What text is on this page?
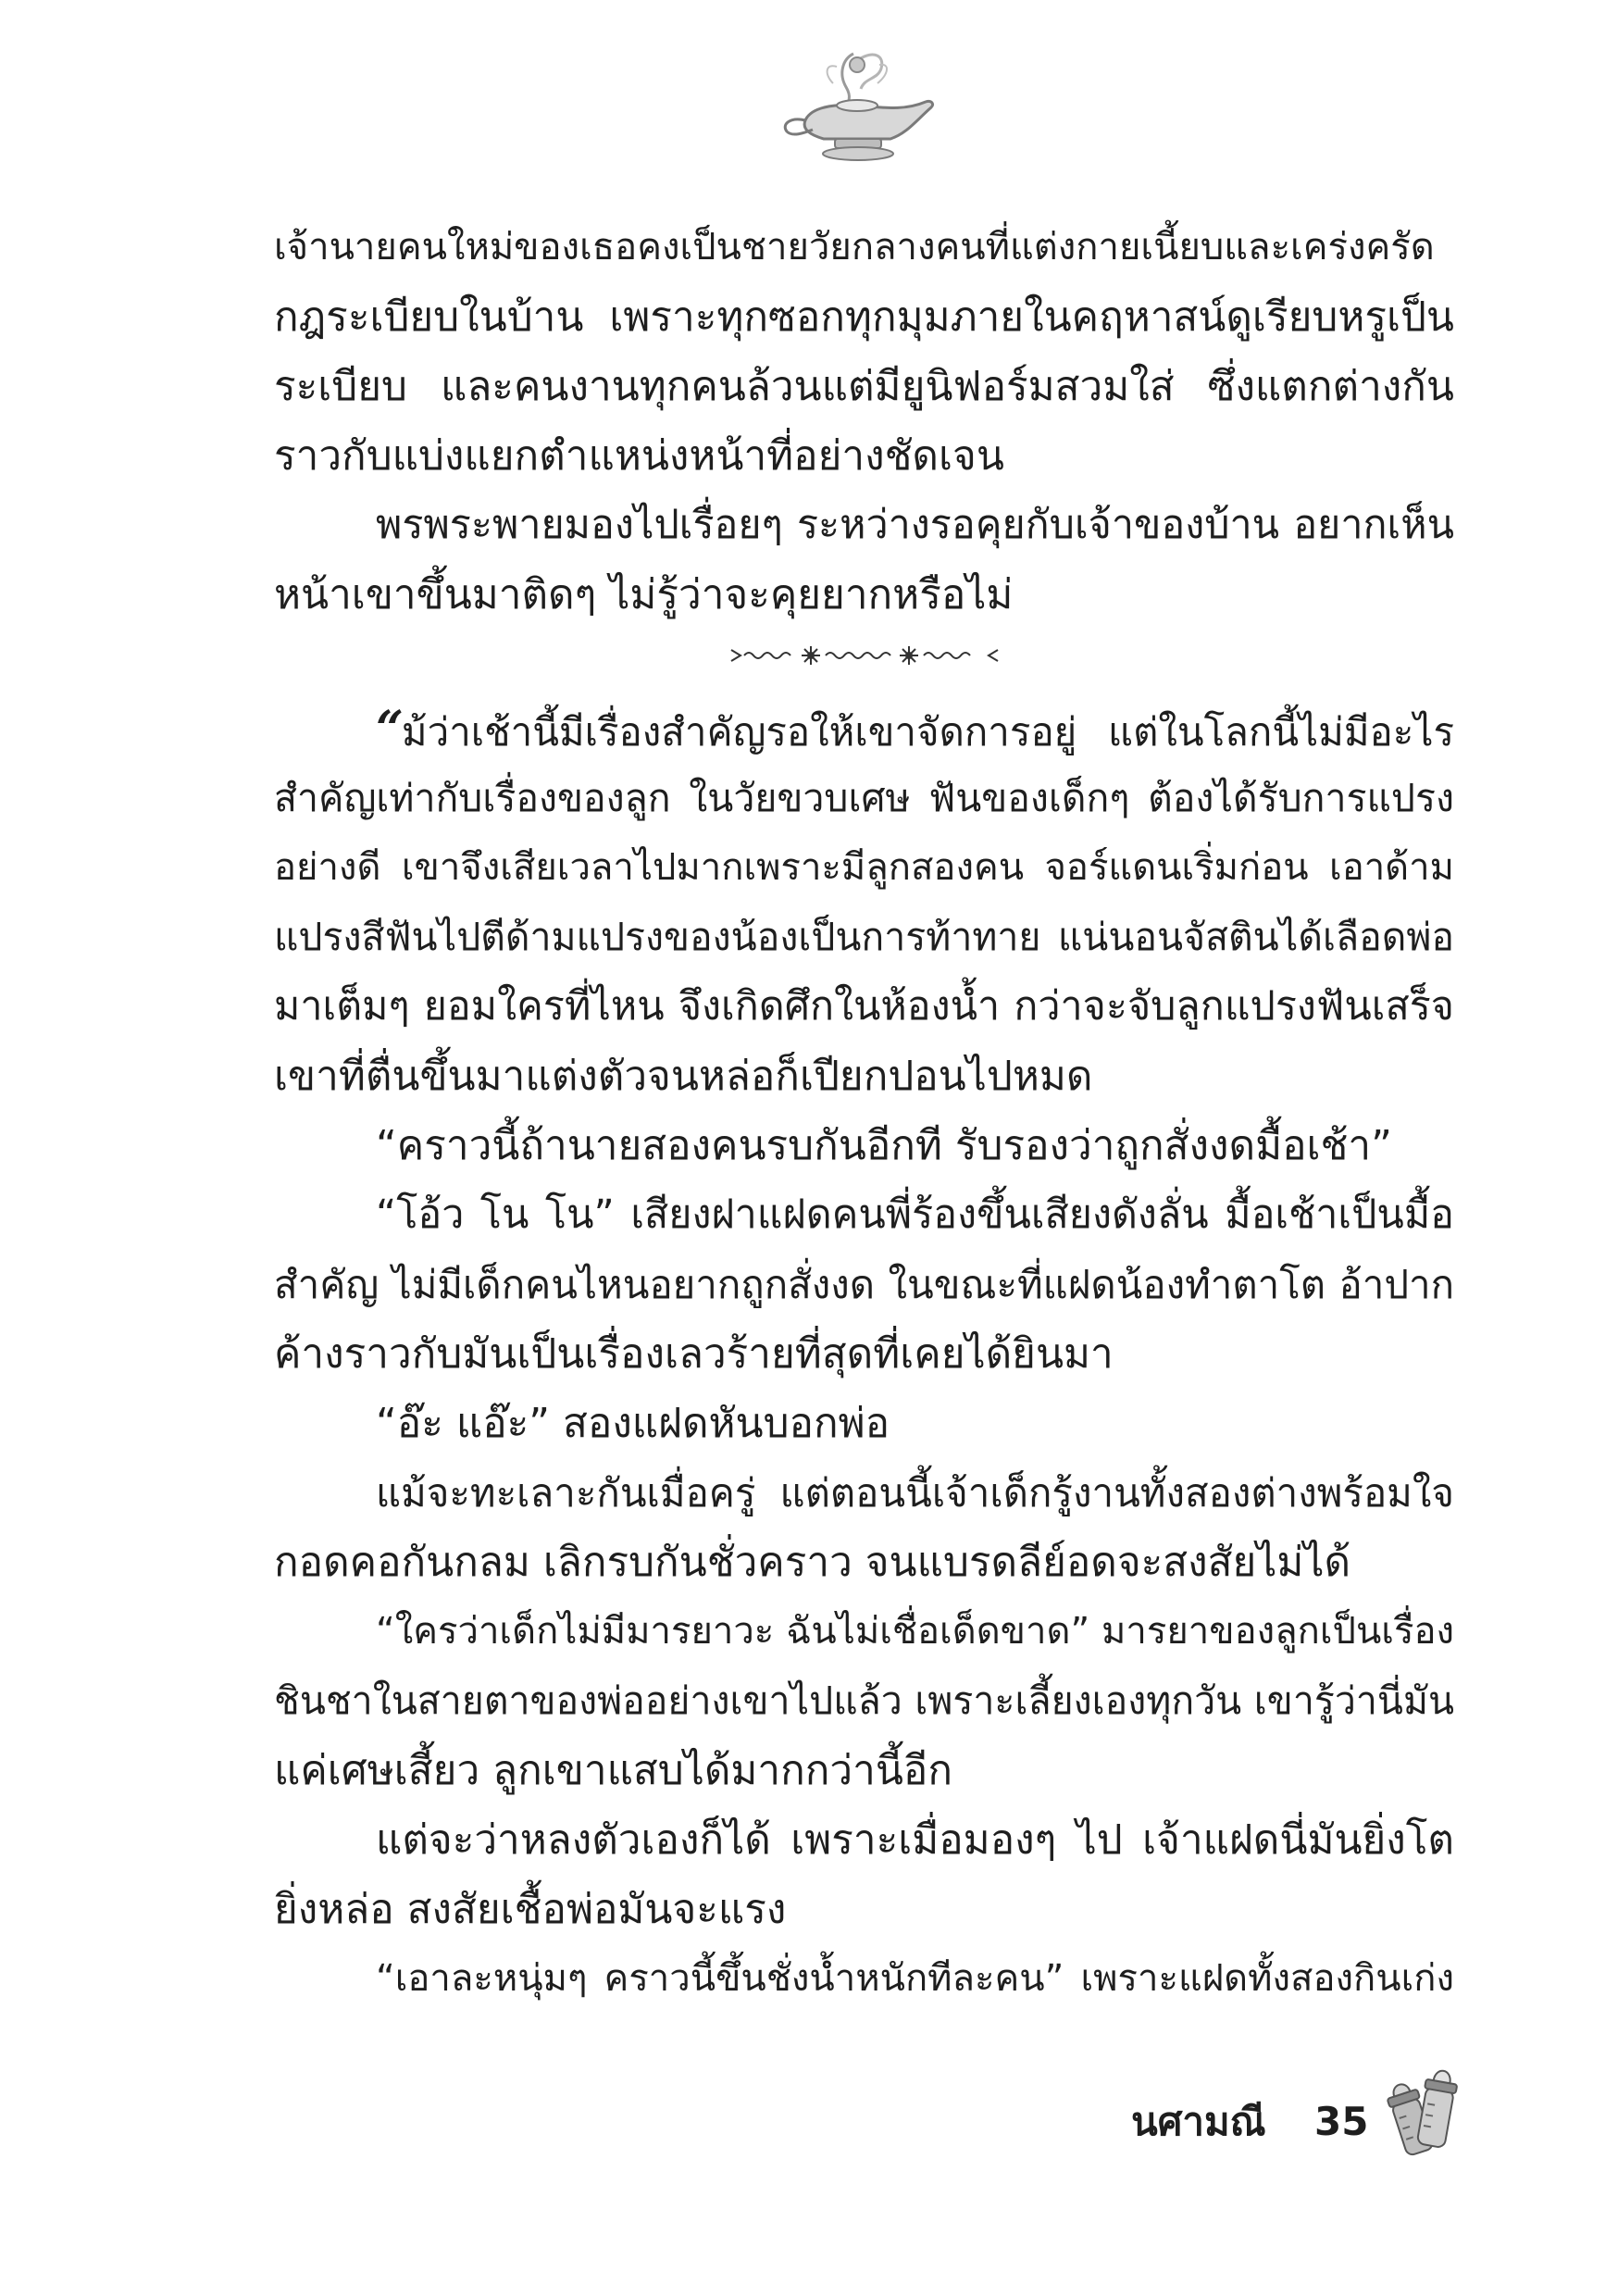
เจ้านายคนใหม่ของเธอคงเป็นชายวัยกลางคนที่แต่งกายเนี้ยบและเคร่งครัด
กฎระเบียบในบ้าน เพราะทุกซอกทุกมุมภายในคฤหาสน์ดูเรียบหรูเป็น
ระเบียบ และคนงานทุกคนล้วนแต่มียูนิฟอร์มสวมใส่ ซึ่งแตกต่างกัน
ราวกับแบ่งแยกตำแหน่งหน้าที่อย่างชัดเจน
พรพระพายมองไปเรื่อยๆ ระหว่างรอคุยกับเจ้าของบ้าน อยากเห็น
หน้าเขาขึ้นมาติดๆ ไม่รู้ว่าจะคุยยากหรือไม่
“ม้ว่าเช้านี้มีเรื่องสำคัญรอให้เขาจัดการอยู่ แต่ในโลกนี้ไม่มีอะไร
สำคัญเท่ากับเรื่องของลูก ในวัยขวบเศษ ฟันของเด็กๆ ต้องได้รับการแปรง
อย่างดี เขาจึงเสียเวลาไปมากเพราะมีลูกสองคน จอร์แดนเริ่มก่อน เอาด้าม
แปรงสีฟันไปตีด้ามแปรงของน้องเป็นการท้าทาย แน่นอนจัสตินได้เลือดพ่อ
มาเต็มๆ ยอมใครที่ไหน จึงเกิดศึกในห้องน้ำ กว่าจะจับลูกแปรงฟันเสร็จ
เขาที่ตื่นขึ้นมาแต่งตัวจนหล่อก็เปียกปอนไปหมด
“คราวนี้ถ้านายสองคนรบกันอีกที รับรองว่าถูกสั่งงดมื้อเช้า”
“โอ้ว โน โน” เสียงฝาแฝดคนพี่ร้องขึ้นเสียงดังลั่น มื้อเช้าเป็นมื้อ
สำคัญ ไม่มีเด็กคนไหนอยากถูกสั่งงด ในขณะที่แฝดน้องทำตาโต อ้าปาก
ค้างราวกับมันเป็นเรื่องเลวร้ายที่สุดที่เคยได้ยินมา
“อ๊ะ แอ๊ะ” สองแฝดหันบอกพ่อ
แม้จะทะเลาะกันเมื่อครู่ แต่ตอนนี้เจ้าเด็กรู้งานทั้งสองต่างพร้อมใจ
กอดคอกันกลม เลิกรบกันชั่วคราว จนแบรดลีย์อดจะสงสัยไม่ได้
“ใครว่าเด็กไม่มีมารยาวะ ฉันไม่เชื่อเด็ดขาด” มารยาของลูกเป็นเรื่อง
ชินชาในสายตาของพ่ออย่างเขาไปแล้ว เพราะเลี้ยงเองทุกวัน เขารู้ว่านี่มัน
แค่เศษเสี้ยว ลูกเขาแสบได้มากกว่านี้อีก
แต่จะว่าหลงตัวเองก็ได้ เพราะเมื่อมองๆ ไป เจ้าแฝดนี่มันยิ่งโต
ยิ่งหล่อ สงสัยเชื้อพ่อมันจะแรง
“เอาละหนุ่มๆ คราวนี้ขึ้นชั่งน้ำหนักทีละคน” เพราะแฝดทั้งสองกินเก่ง
นศามณี 35
